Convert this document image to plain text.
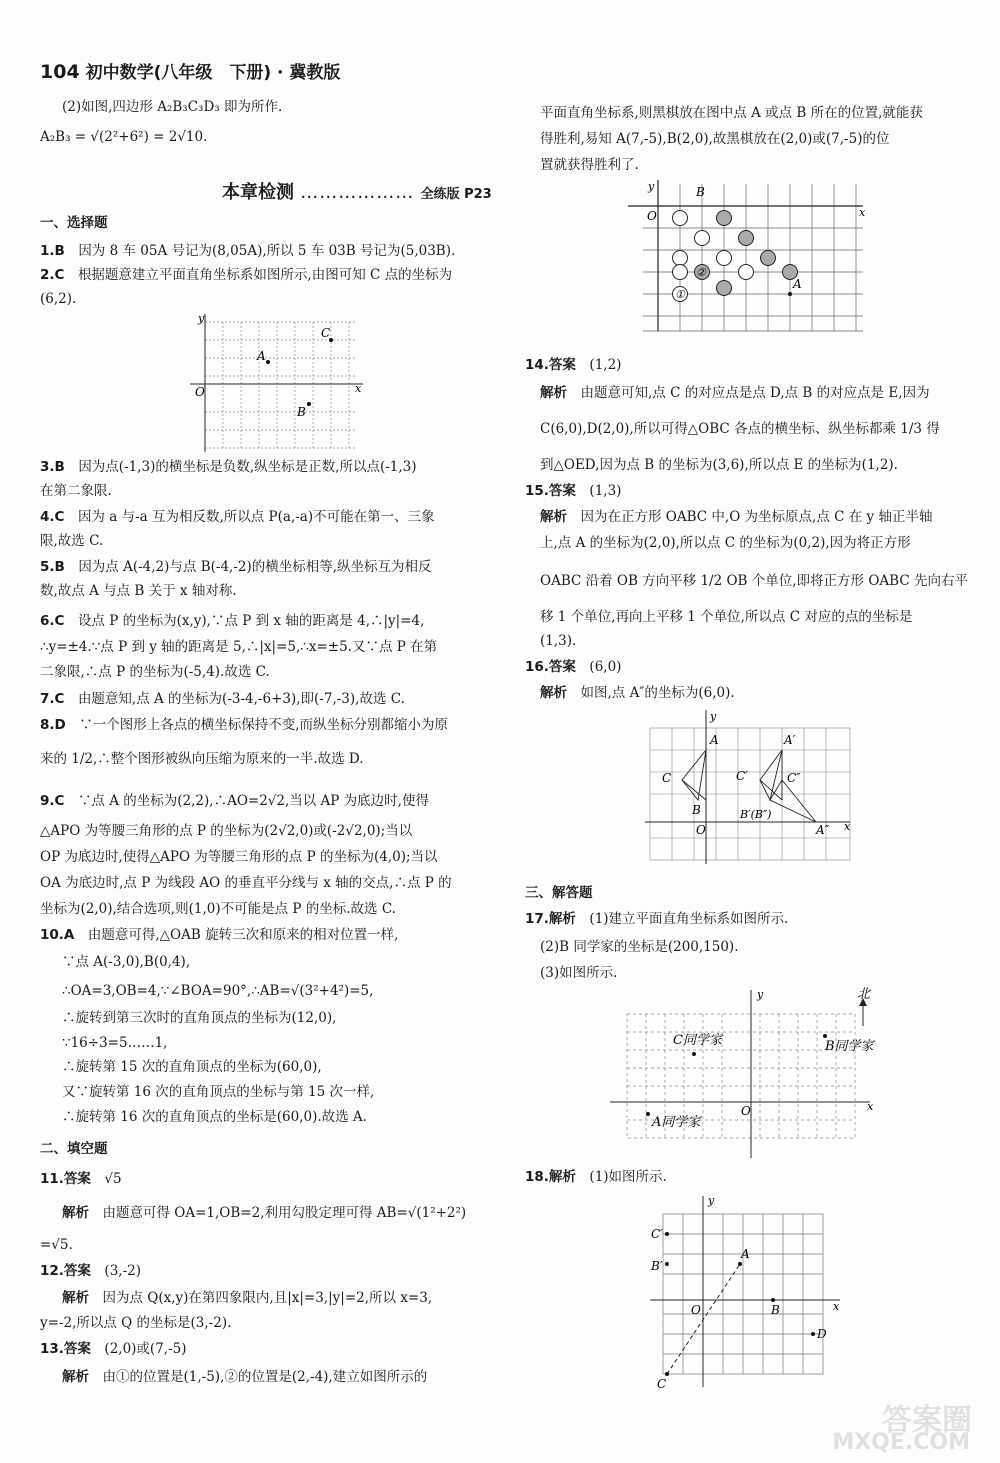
104 初中数学(八年级　下册) · 冀教版
(2)如图,四边形 A₂B₃C₃D₃ 即为所作.
A₂B₃ = √(2²+6²) = 2√10.
本章检测 ……………… 全练版 P23
一、选择题
1.B　 因为 8 车 05A 号记为(8,05A),所以 5 车 03B 号记为(5,03B).
2.C　 根据题意建立平面直角坐标系如图所示,由图可知 C 点的坐标为
(6,2).
C
A
B
O	x
y
3.B　 因为点(-1,3)的横坐标是负数,纵坐标是正数,所以点(-1,3)
在第二象限.
4.C　 因为 a 与-a 互为相反数,所以点 P(a,-a)不可能在第一、三象
限,故选 C.
5.B　 因为点 A(-4,2)与点 B(-4,-2)的横坐标相等,纵坐标互为相反
数,故点 A 与点 B 关于 x 轴对称.
6.C　 设点 P 的坐标为(x,y),∵点 P 到 x 轴的距离是 4,∴|y|=4,
∴y=±4.∵点 P 到 y 轴的距离是 5,∴|x|=5,∴x=±5.又∵点 P 在第
二象限,∴点 P 的坐标为(-5,4).故选 C.
7.C　 由题意知,点 A 的坐标为(-3-4,-6+3),即(-7,-3),故选 C.
8.D　 ∵一个图形上各点的横坐标保持不变,而纵坐标分别都缩小为原
来的 1/2,∴整个图形被纵向压缩为原来的一半.故选 D.
9.C　 ∵点 A 的坐标为(2,2),∴AO=2√2,当以 AP 为底边时,使得
△APO 为等腰三角形的点 P 的坐标为(2√2,0)或(-2√2,0);当以
OP 为底边时,使得△APO 为等腰三角形的点 P 的坐标为(4,0);当以
OA 为底边时,点 P 为线段 AO 的垂直平分线与 x 轴的交点,∴点 P 的
坐标为(2,0),结合选项,则(1,0)不可能是点 P 的坐标.故选 C.
10.A　 由题意可得,△OAB 旋转三次和原来的相对位置一样,
∵点 A(-3,0),B(0,4),
∴OA=3,OB=4,∵∠BOA=90°,∴AB=√(3²+4²)=5,
∴旋转到第三次时的直角顶点的坐标为(12,0),
∵16÷3=5……1,
∴旋转第 15 次的直角顶点的坐标为(60,0),
又∵旋转第 16 次的直角顶点的坐标与第 15 次一样,
∴旋转第 16 次的直角顶点的坐标是(60,0).故选 A.
二、填空题
11.答案　 √5
解析　 由题意可得 OA=1,OB=2,利用勾股定理可得 AB=√(1²+2²)
=√5.
12.答案　 (3,-2)
解析　 因为点 Q(x,y)在第四象限内,且|x|=3,|y|=2,所以 x=3,
y=-2,所以点 Q 的坐标是(3,-2).
13.答案　 (2,0)或(7,-5)
解析　 由①的位置是(1,-5),②的位置是(2,-4),建立如图所示的
平面直角坐标系,则黑棋放在图中点 A 或点 B 所在的位置,就能获
得胜利,易知 A(7,-5),B(2,0),故黑棋放在(2,0)或(7,-5)的位
置就获得胜利了.
①
②
A
B
O	x
y
14.答案　 (1,2)
解析　 由题意可知,点 C 的对应点是点 D,点 B 的对应点是 E,因为
C(6,0),D(2,0),所以可得△OBC 各点的横坐标、纵坐标都乘 1/3 得
到△OED,因为点 B 的坐标为(3,6),所以点 E 的坐标为(1,2).
15.答案　 (1,3)
解析　 因为在正方形 OABC 中,O 为坐标原点,点 C 在 y 轴正半轴
上,点 A 的坐标为(2,0),所以点 C 的坐标为(0,2),因为将正方形
OABC 沿着 OB 方向平移 1/2 OB 个单位,即将正方形 OABC 先向右平
移 1 个单位,再向上平移 1 个单位,所以点 C 对应的点的坐标是
(1,3).
16.答案　 (6,0)
解析　 如图,点 A″的坐标为(6,0).
A
C
B
O
A′
C′	C″
B′(B″)
A″ x
y
三、解答题
17.解析　 (1)建立平面直角坐标系如图所示.
(2)B 同学家的坐标是(200,150).
(3)如图所示.
北
C同学家	B同学家
A同学家
O	x
y
18.解析　 (1)如图所示.
C′
B′
A
B
D
C
O	x
y
答案圈
MXQE.COM
